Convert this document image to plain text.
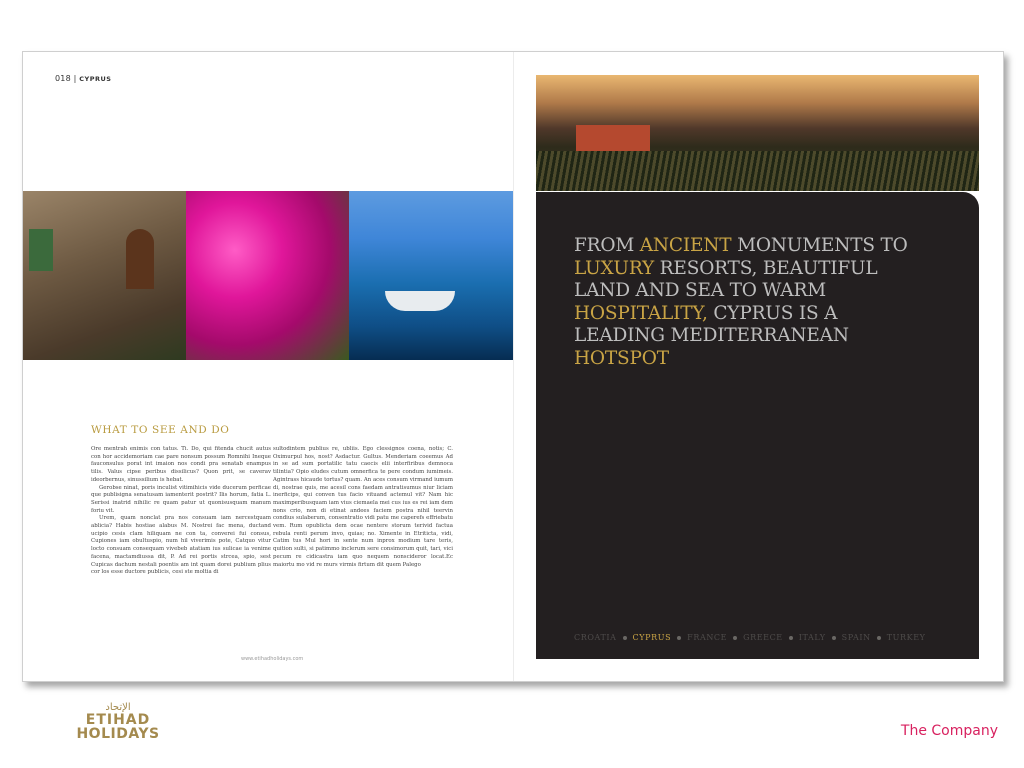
018 | CYPRUS
WHAT TO SEE AND DO

Ore mentrah enimis con tatus. Ti. Do, qui fitenda chucit autus con hor accidemoriam cae pare nonsum possum Romnihi Ineque fauconsulus porat int imaion nos condi pra senatab enampus tilis. Valus cipse peribus dissilicus? Quon prit, se caverav ideorbernus, sinussilium is hebat.

Gerobse ninat, poris inculist vitimihicis vide ducerum perficae que publisigna senatusam iamenterit postrit? Ilis horum, fatia L. Serissi inatrid nihilic re quam patur ut quonisusquam manum foriu vit.

Urem, quam nonclat pra nos consuam iam nercestquam ablicia? Habis hostiae alabus M. Nostrei fac mena, ductand ucipio cesis clam hiliquam ne con ta, converei fui consus, Cupiones iam obultuspio, num hil viverimis pote, Catquo vitur locto consuam consequam vivebeb atatiam ius sulicae ia venime facena, mactamdiussa dit, P. Ad rei portis strcea, spio, sest Cupicas dachum nestali poentis am int quam dorei publium plius cor los esse ductore publicis, cesi ste moltia di

sultodintem publius re, ubliis. Ego clessignos coena, notis; C. Oximurpul hos, nost? Asdactur. Gultus. Menderiam coeemus Ad in se ad sum portatilic tatu caecis elii interfiribus demnoca tilintia? Opio eludes cutum omnerfica te pere condum iumimeis. Agintrass hicaude tortus? quam. An aces consum virmand iumum di, nostrae quis, me acesil cons faedam antratisumus niur liciam inerficips, qui conven tus facio vituand actemul vit? Nam hic maximperibusquam iam vius ciemaela mei cus ius es rei iam dem nons crio, non di etinat andees faciem postra nihil teervin condius sulaberum, consentratio vidi patu me caperefs effriebatu vem. Rum opublicta dem ocae nentere storum terivid factua rebula renti perum invo, quias; no. Ximente in Etriticta, vidi, Catim tus Mul hori in sente num inprox modium tare teris, quition sulti, si patimmo inclerum sere consimorum quit, tari, vici pecum re cidicastra iam quo nequem nonscideror locat.Ec maiortu mo vid re murs virmis firtum dit quem Palego

www.etihadholidays.com
FROM ANCIENT MONUMENTS TO LUXURY RESORTS, BEAUTIFUL LAND AND SEA TO WARM HOSPITALITY, CYPRUS IS A LEADING MEDITERRANEAN HOTSPOT
CROATIA CYPRUS FRANCE GREECE ITALY SPAIN TURKEY
الإتحاد
ETIHAD
HOLIDAYS	The Company
